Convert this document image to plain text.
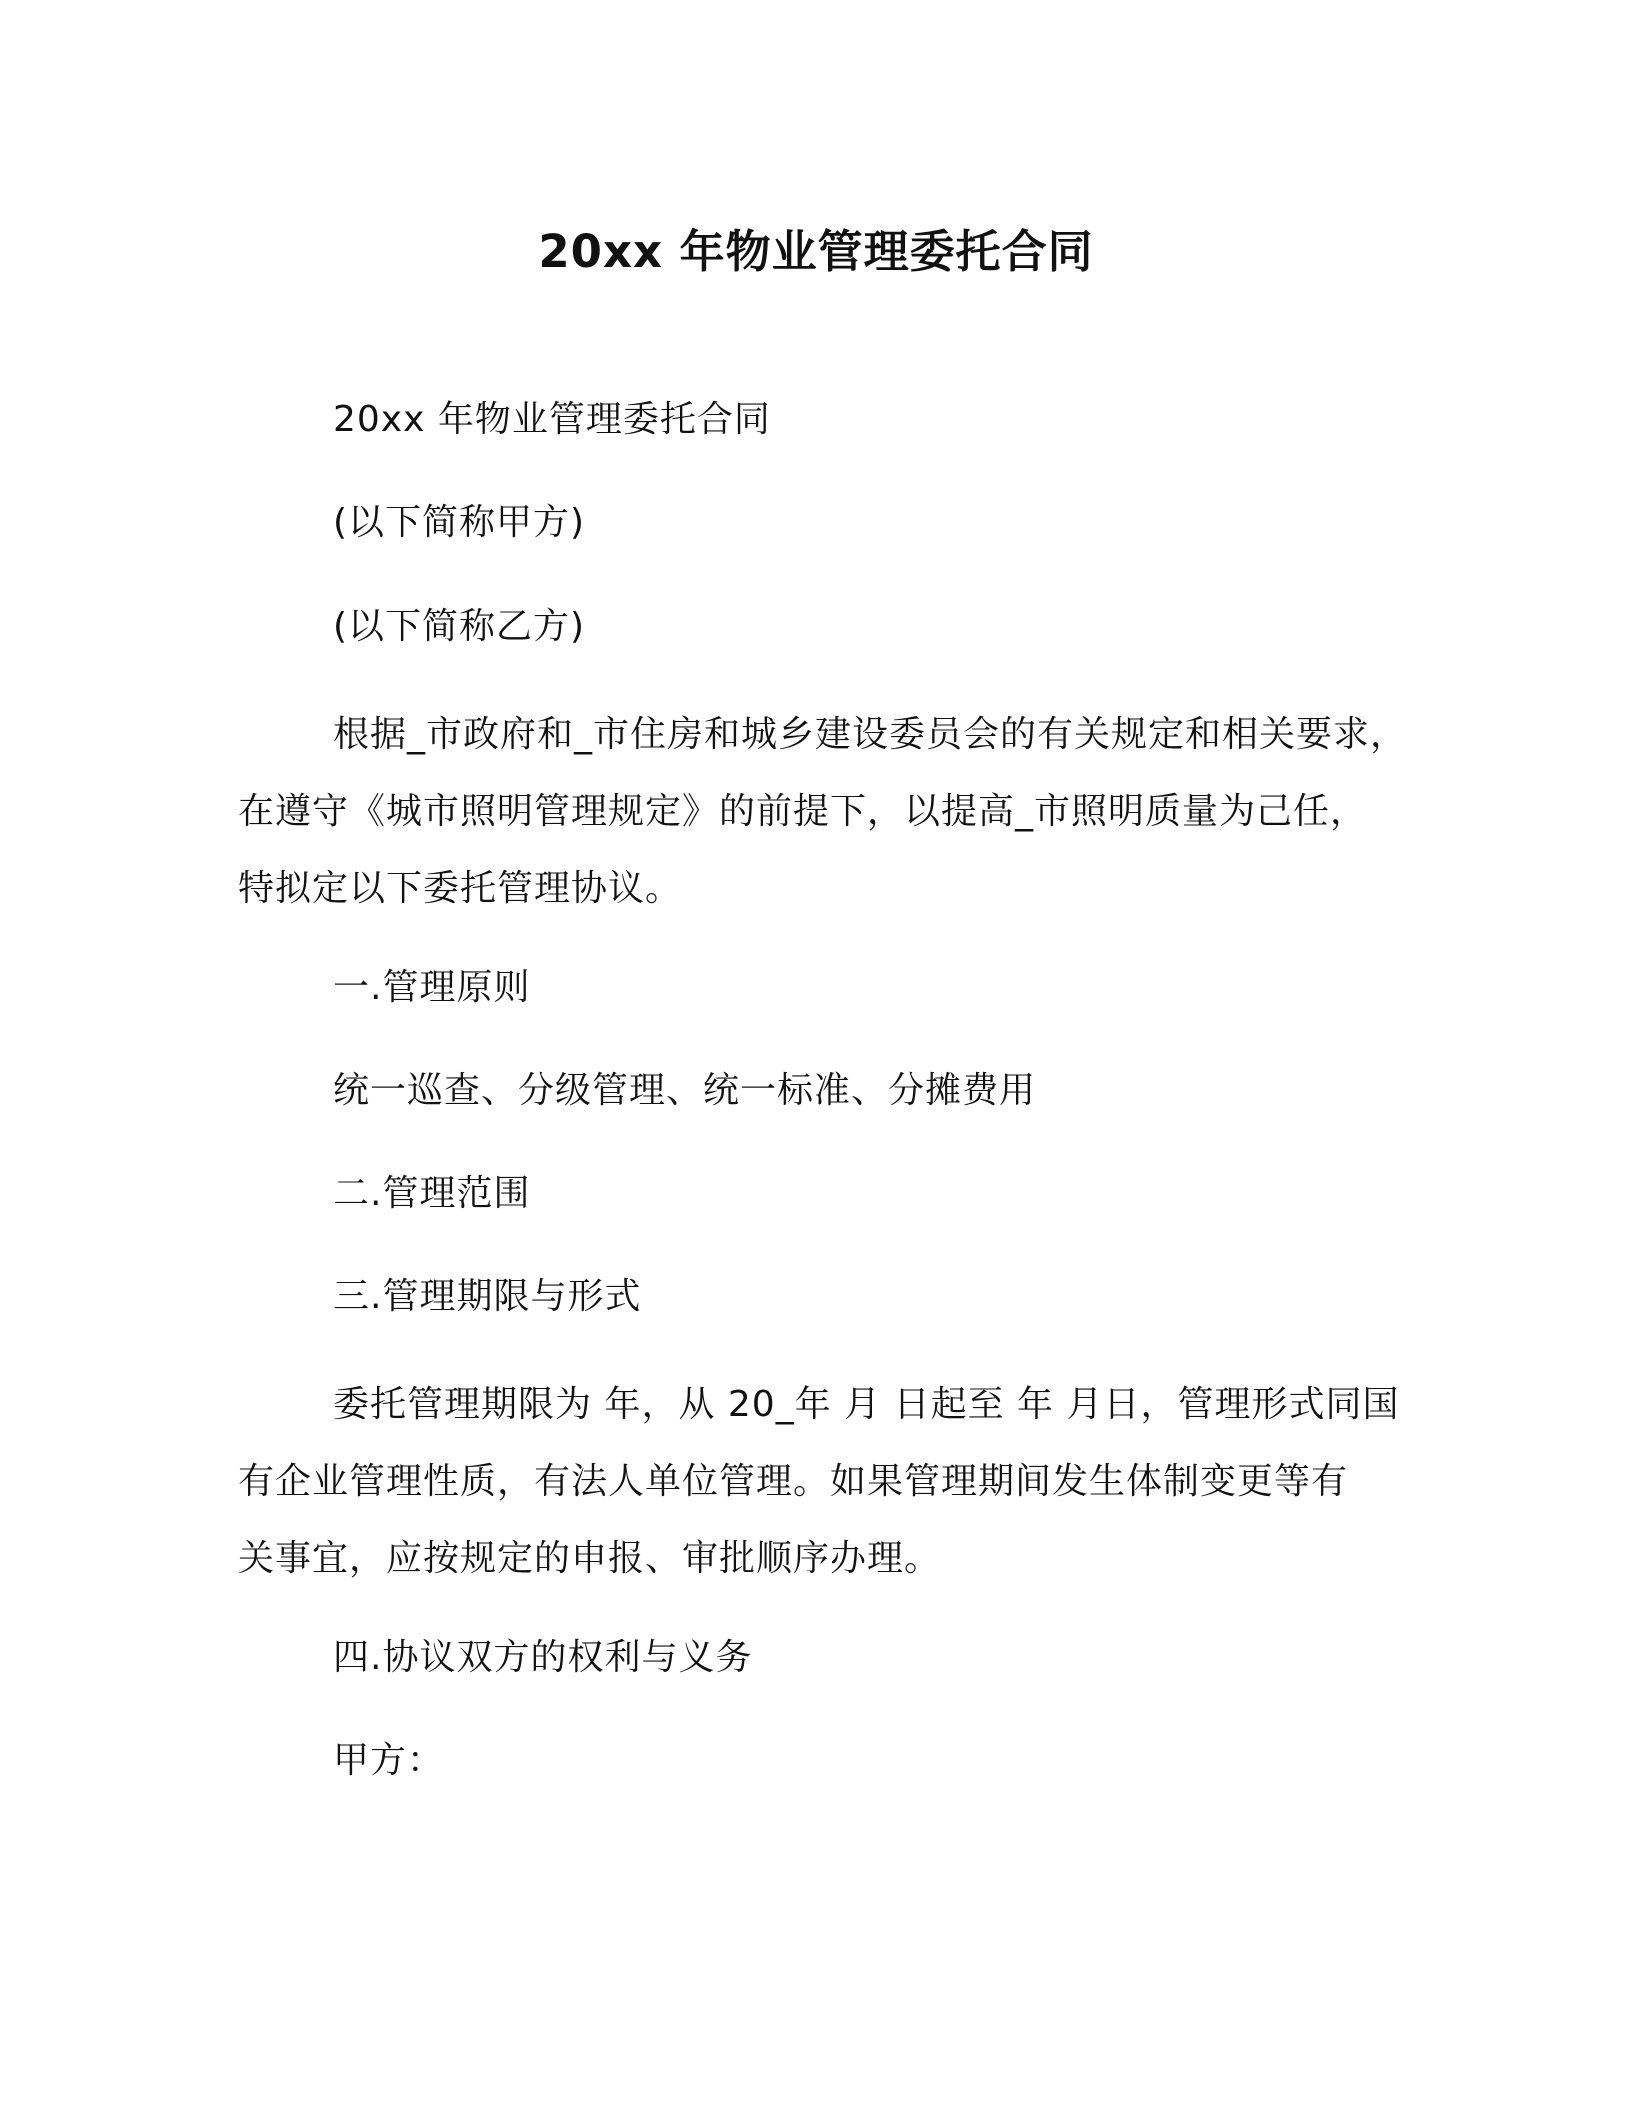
20xx 年物业管理委托合同
20xx 年物业管理委托合同
(以下简称甲方)
(以下简称乙方)
根据_市政府和_市住房和城乡建设委员会的有关规定和相关要求，
在遵守《城市照明管理规定》的前提下，以提高_市照明质量为己任，
特拟定以下委托管理协议。
一.管理原则
统一巡查、分级管理、统一标准、分摊费用
二.管理范围
三.管理期限与形式
委托管理期限为 年，从 20_年 月 日起至 年 月日，管理形式同国
有企业管理性质，有法人单位管理。如果管理期间发生体制变更等有
关事宜，应按规定的申报、审批顺序办理。
四.协议双方的权利与义务
甲方：
